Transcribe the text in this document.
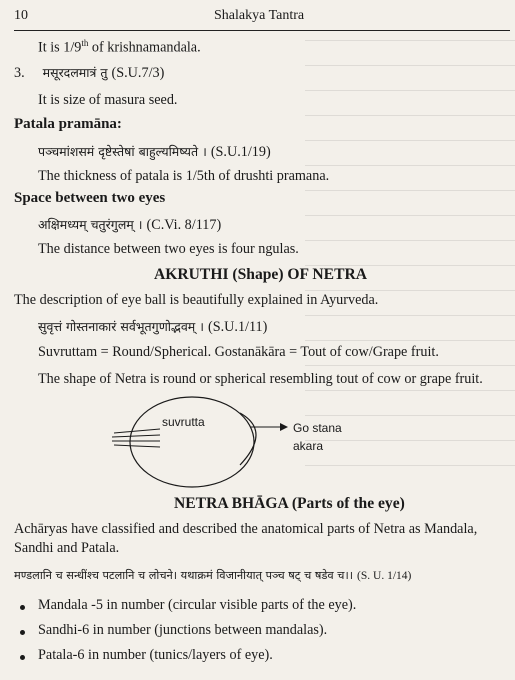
10	Shalakya Tantra
It is 1/9th of krishnamandala.
3. मसूरदलमात्रं तु (S.U.7/3)
It is size of masura seed.
Patala pramāna:
पञ्चमांशसमं दृष्टेस्तेषां बाहुल्यमिष्यते । (S.U.1/19)
The thickness of patala is 1/5th of drushti pramana.
Space between two eyes
अक्षिमध्यम् चतुरंगुलम् । (C.Vi. 8/117)
The distance between two eyes is four ngulas.
AKRUTHI (Shape) OF NETRA
The description of eye ball is beautifully explained in Ayurveda.
सुवृत्तं गोस्तनाकारं सर्वभूतगुणोद्भवम् । (S.U.1/11)
Suvruttam = Round/Spherical. Gostanākāra = Tout of cow/Grape fruit.
The shape of Netra is round or spherical resembling tout of cow or grape fruit.
suvrutta	Go stana
akara
NETRA BHĀGA (Parts of the eye)
Achāryas have classified and described the anatomical parts of Netra as Mandala,
Sandhi and Patala.
मण्डलानि च सन्धींश्च पटलानि च लोचने। यथाक्रमं विजानीयात् पञ्च षट् च षडेव च।। (S. U. 1/14)
Mandala -5 in number (circular visible parts of the eye).
Sandhi-6 in number (junctions between mandalas).
Patala-6 in number (tunics/layers of eye).
